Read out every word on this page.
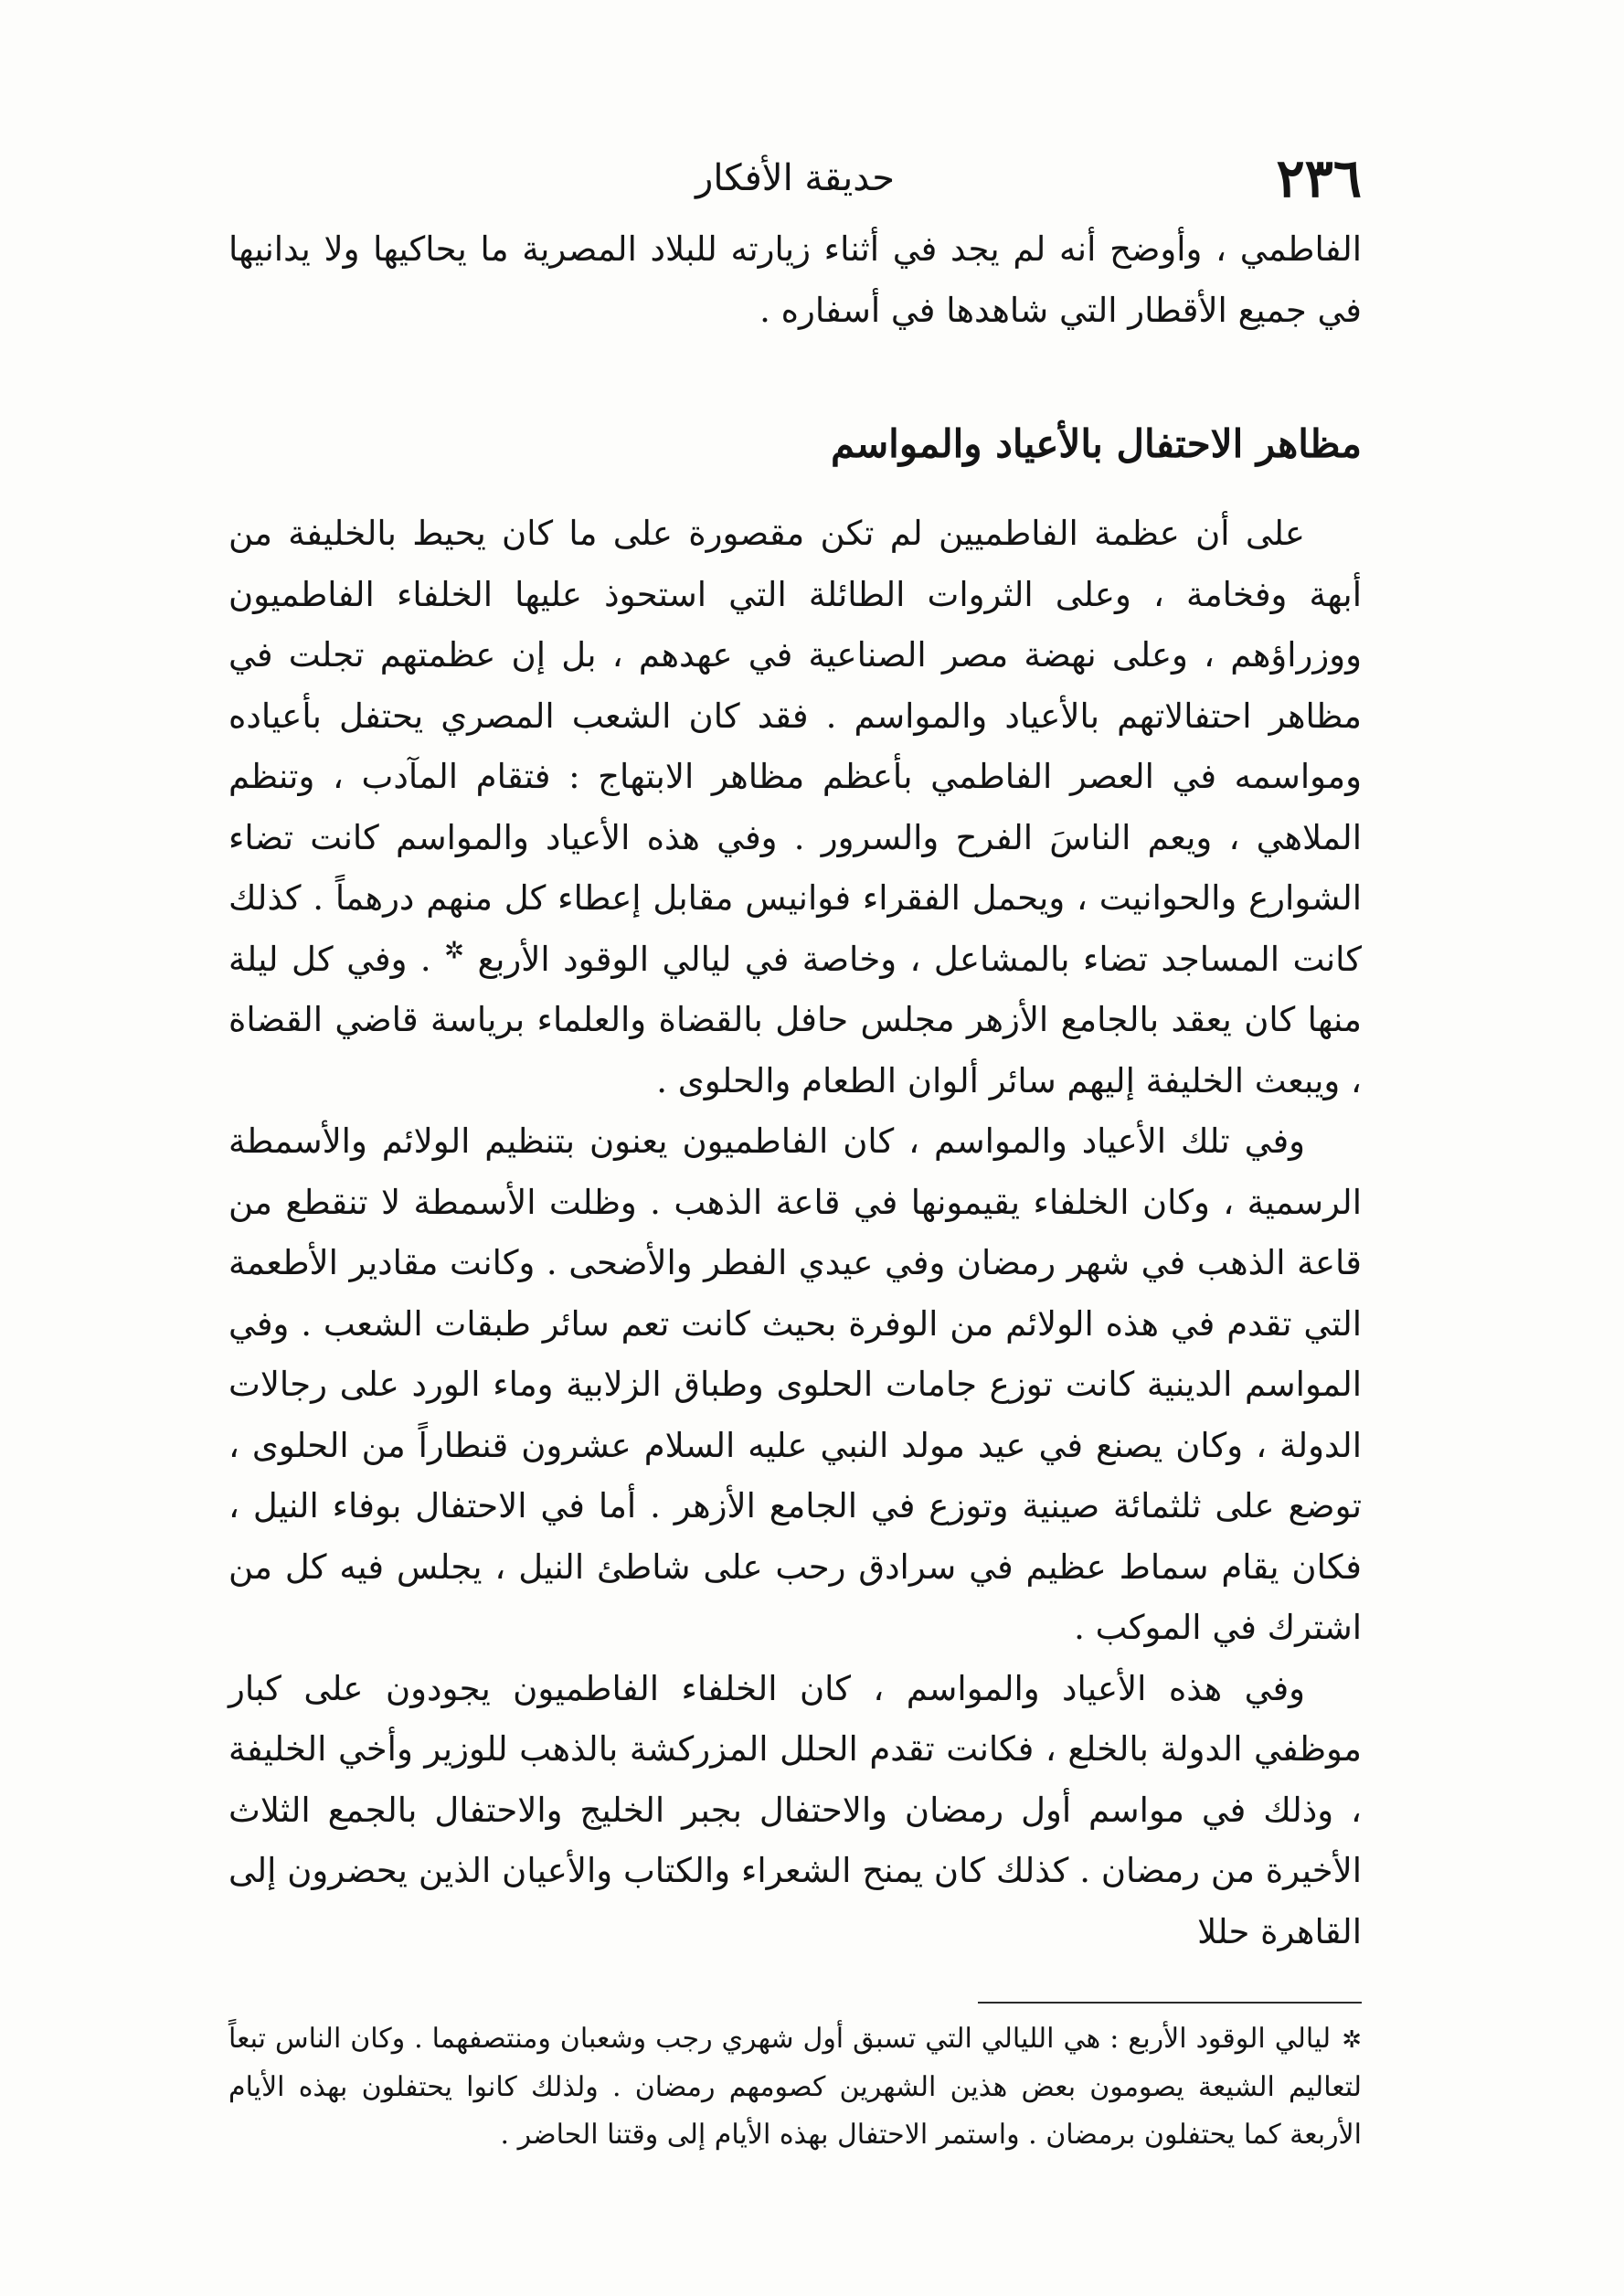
٢٣٦
حديقة الأفكار

الفاطمي ، وأوضح أنه لم يجد في أثناء زيارته للبلاد المصرية ما يحاكيها ولا يدانيها في جميع الأقطار التي شاهدها في أسفاره .

مظاهر الاحتفال بالأعياد والمواسم

على أن عظمة الفاطميين لم تكن مقصورة على ما كان يحيط بالخليفة من أبهة وفخامة ، وعلى الثروات الطائلة التي استحوذ عليها الخلفاء الفاطميون ووزراؤهم ، وعلى نهضة مصر الصناعية في عهدهم ، بل إن عظمتهم تجلت في مظاهر احتفالاتهم بالأعياد والمواسم . فقد كان الشعب المصري يحتفل بأعياده ومواسمه في العصر الفاطمي بأعظم مظاهر الابتهاج : فتقام المآدب ، وتنظم الملاهي ، ويعم الناسَ الفرح والسرور . وفي هذه الأعياد والمواسم كانت تضاء الشوارع والحوانيت ، ويحمل الفقراء فوانيس مقابل إعطاء كل منهم درهماً . كذلك كانت المساجد تضاء بالمشاعل ، وخاصة في ليالي الوقود الأربع ✲ . وفي كل ليلة منها كان يعقد بالجامع الأزهر مجلس حافل بالقضاة والعلماء برياسة قاضي القضاة ، ويبعث الخليفة إليهم سائر ألوان الطعام والحلوى .

وفي تلك الأعياد والمواسم ، كان الفاطميون يعنون بتنظيم الولائم والأسمطة الرسمية ، وكان الخلفاء يقيمونها في قاعة الذهب . وظلت الأسمطة لا تنقطع من قاعة الذهب في شهر رمضان وفي عيدي الفطر والأضحى . وكانت مقادير الأطعمة التي تقدم في هذه الولائم من الوفرة بحيث كانت تعم سائر طبقات الشعب . وفي المواسم الدينية كانت توزع جامات الحلوى وطباق الزلابية وماء الورد على رجالات الدولة ، وكان يصنع في عيد مولد النبي عليه السلام عشرون قنطاراً من الحلوى ، توضع على ثلثمائة صينية وتوزع في الجامع الأزهر . أما في الاحتفال بوفاء النيل ، فكان يقام سماط عظيم في سرادق رحب على شاطئ النيل ، يجلس فيه كل من اشترك في الموكب .

وفي هذه الأعياد والمواسم ، كان الخلفاء الفاطميون يجودون على كبار موظفي الدولة بالخلع ، فكانت تقدم الحلل المزركشة بالذهب للوزير وأخي الخليفة ، وذلك في مواسم أول رمضان والاحتفال بجبر الخليج والاحتفال بالجمع الثلاث الأخيرة من رمضان . كذلك كان يمنح الشعراء والكتاب والأعيان الذين يحضرون إلى القاهرة حللا

✲ليالي الوقود الأربع : هي الليالي التي تسبق أول شهري رجب وشعبان ومنتصفهما . وكان الناس تبعاً لتعاليم الشيعة يصومون بعض هذين الشهرين كصومهم رمضان . ولذلك كانوا يحتفلون بهذه الأيام الأربعة كما يحتفلون برمضان . واستمر الاحتفال بهذه الأيام إلى وقتنا الحاضر .
